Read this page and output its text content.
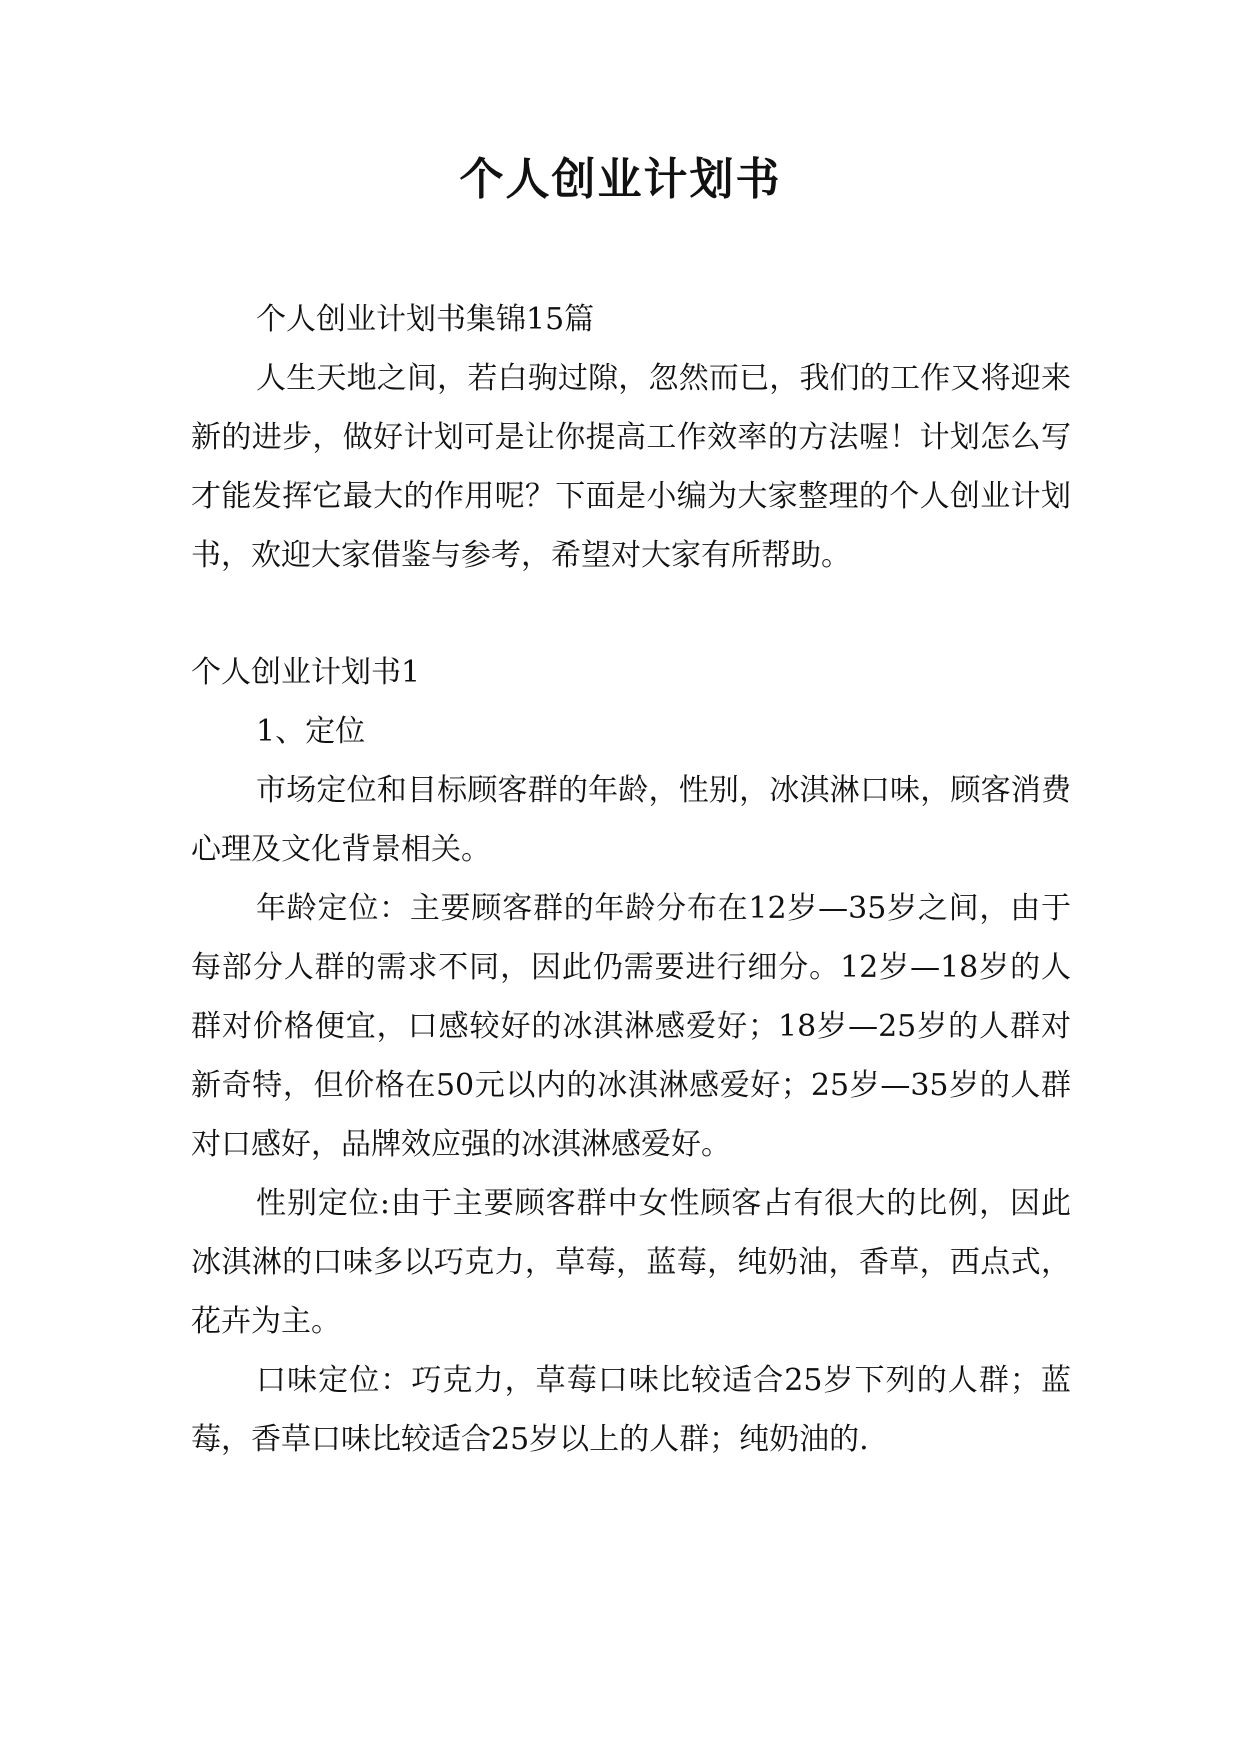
个人创业计划书

个人创业计划书集锦15篇

人生天地之间，若白驹过隙，忽然而已，我们的工作又将迎来新的进步，做好计划可是让你提高工作效率的方法喔！计划怎么写才能发挥它最大的作用呢？下面是小编为大家整理的个人创业计划书，欢迎大家借鉴与参考，希望对大家有所帮助。

个人创业计划书1

1、定位

市场定位和目标顾客群的年龄，性别，冰淇淋口味，顾客消费心理及文化背景相关。

年龄定位：主要顾客群的年龄分布在12岁—35岁之间，由于每部分人群的需求不同，因此仍需要进行细分。12岁—18岁的人群对价格便宜，口感较好的冰淇淋感爱好；18岁—25岁的人群对新奇特，但价格在50元以内的冰淇淋感爱好；25岁—35岁的人群对口感好，品牌效应强的冰淇淋感爱好。

性别定位:由于主要顾客群中女性顾客占有很大的比例，因此冰淇淋的口味多以巧克力，草莓，蓝莓，纯奶油，香草，西点式，花卉为主。

口味定位：巧克力，草莓口味比较适合25岁下列的人群；蓝莓，香草口味比较适合25岁以上的人群；纯奶油的.
